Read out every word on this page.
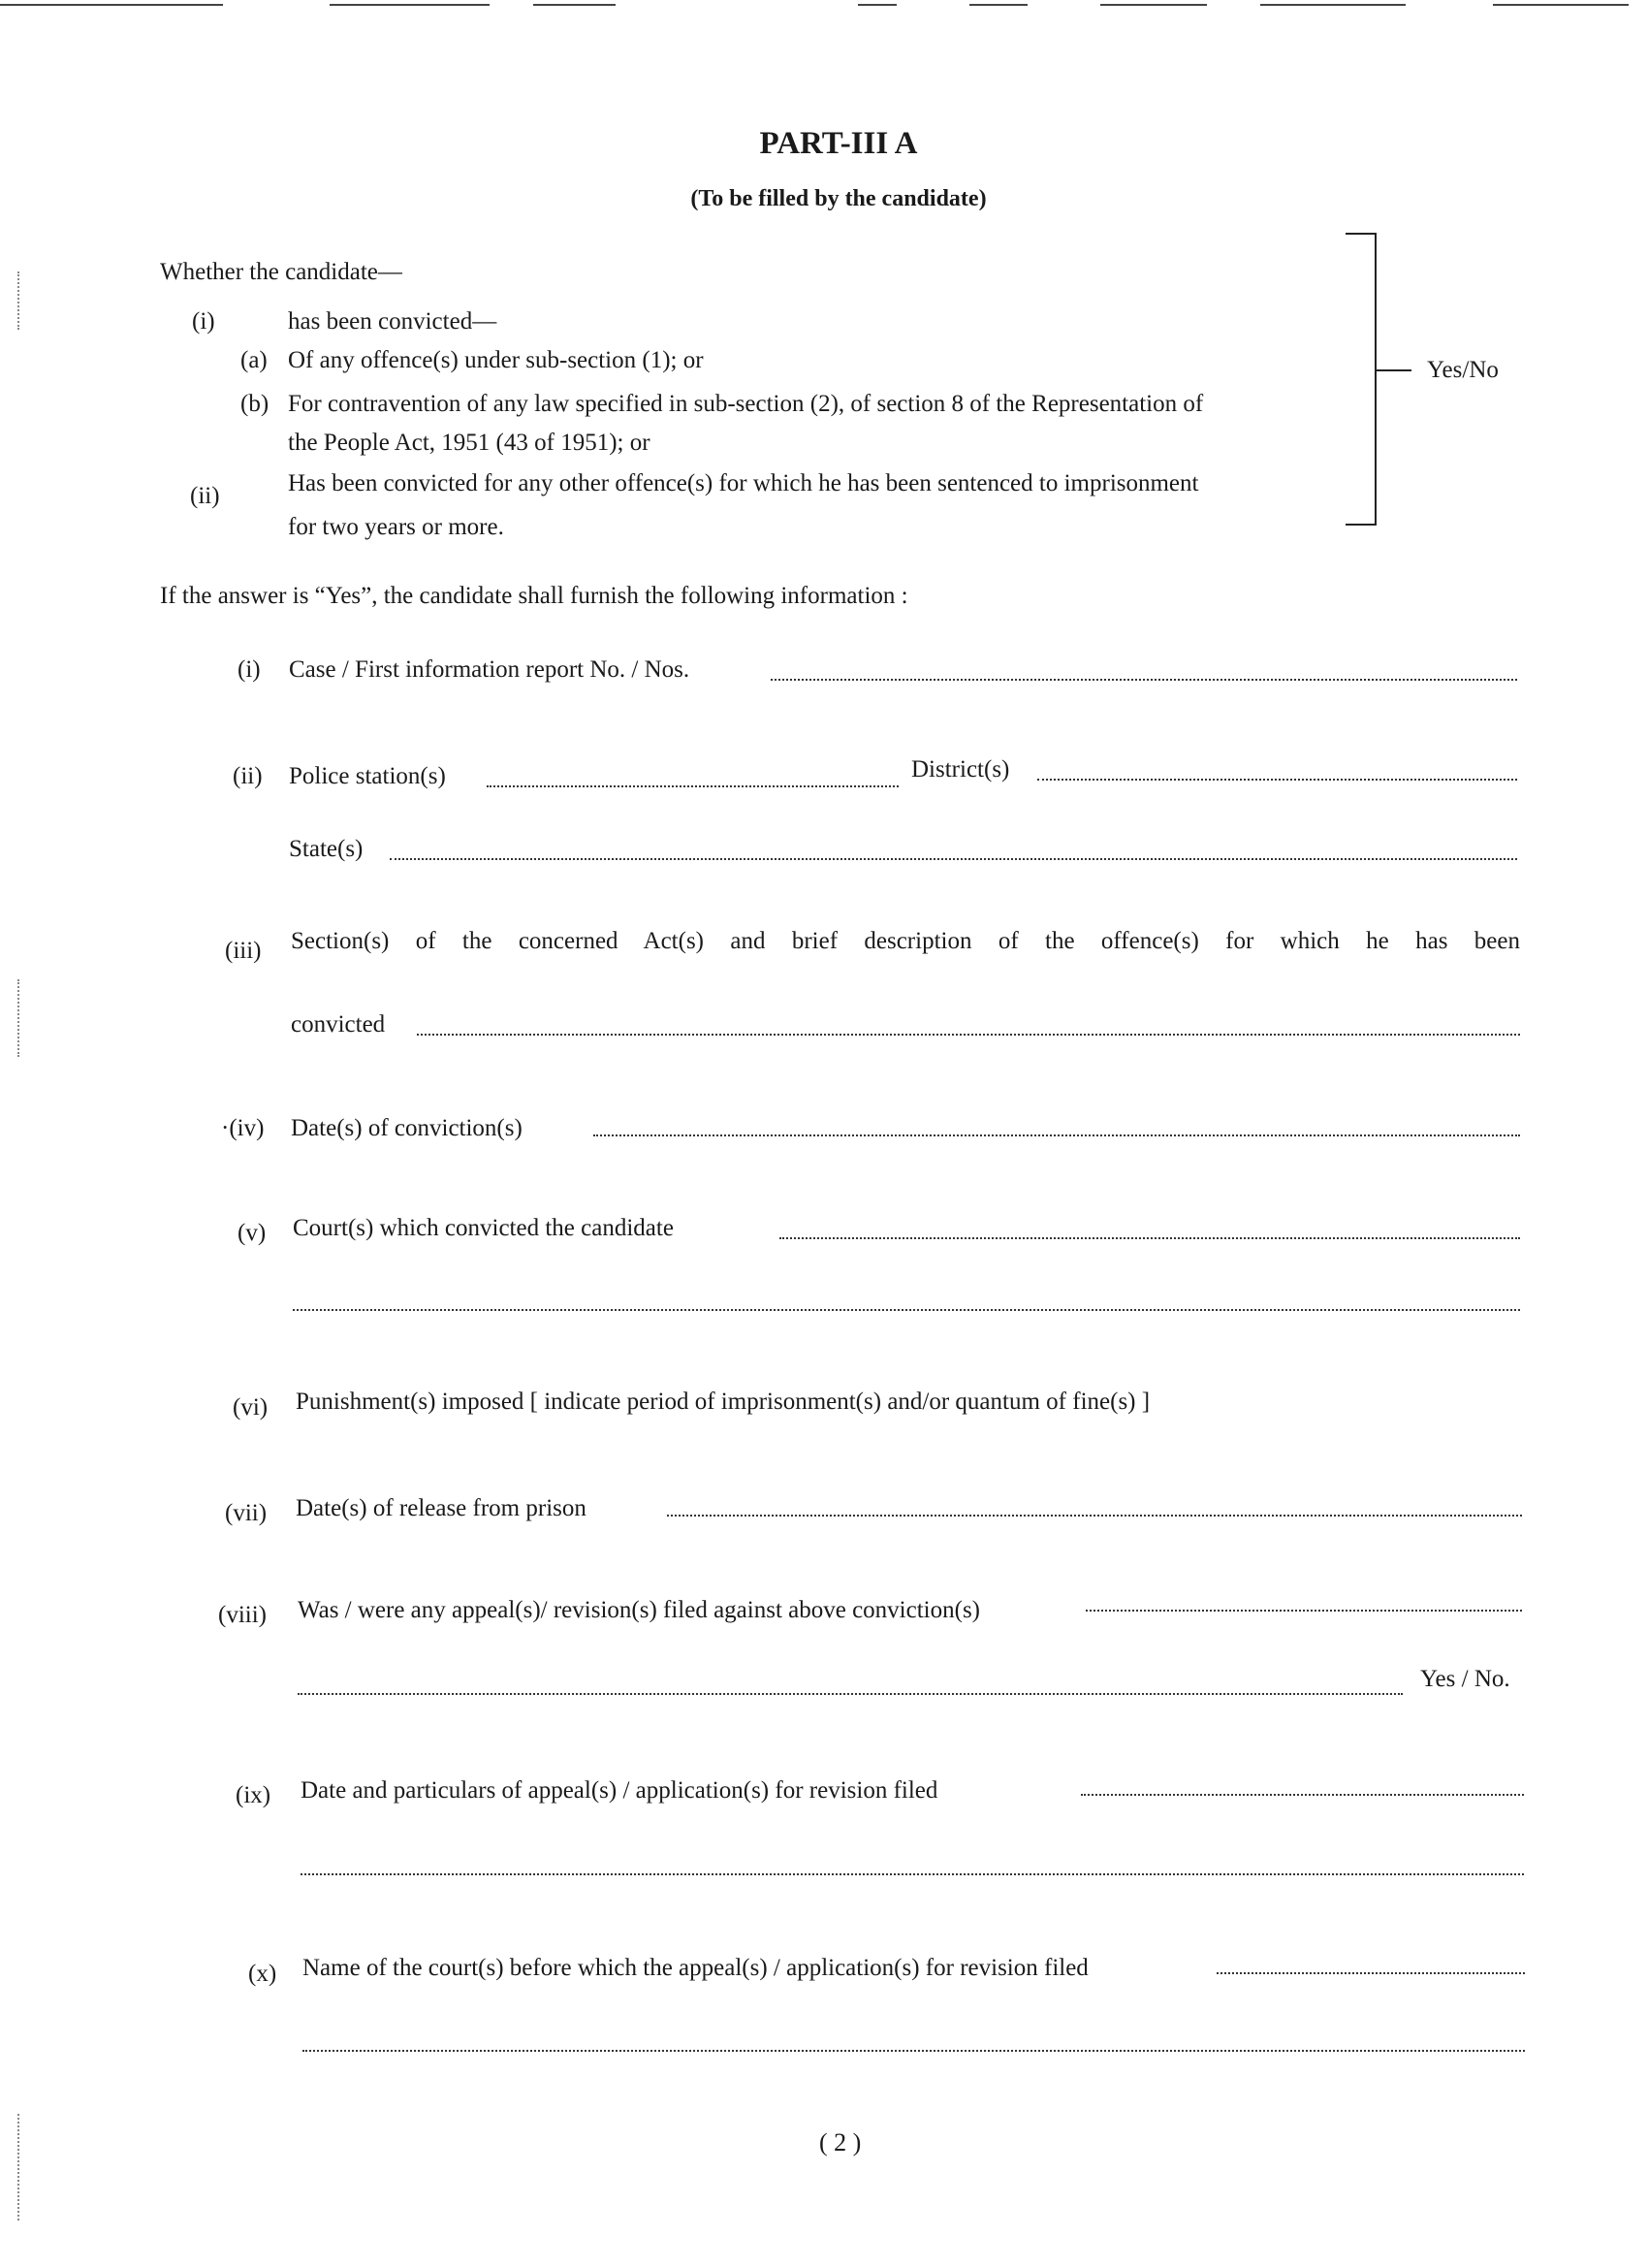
PART-III A
(To be filled by the candidate)
Whether the candidate—
(i)	has been convicted—
(a) Of any offence(s) under sub-section (1); or
(b) For contravention of any law specified in sub-section (2), of section 8 of the Representation of
the People Act, 1951 (43 of 1951); or
(ii)	Has been convicted for any other offence(s) for which he has been sentenced to imprisonment
for two years or more.
Yes/No
If the answer is “Yes”, the candidate shall furnish the following information :
(i) Case / First information report No. / Nos.
(ii) Police station(s)	District(s)
State(s)
(iii) Section(s) of the concerned Act(s) and brief description of the offence(s) for which he has been
convicted
·(iv) Date(s) of conviction(s)
(v) Court(s) which convicted the candidate
(vi) Punishment(s) imposed [ indicate period of imprisonment(s) and/or quantum of fine(s) ]
(vii) Date(s) of release from prison
(viii) Was / were any appeal(s)/ revision(s) filed against above conviction(s)
Yes / No.
(ix) Date and particulars of appeal(s) / application(s) for revision filed
(x) Name of the court(s) before which the appeal(s) / application(s) for revision filed
( 2 )
